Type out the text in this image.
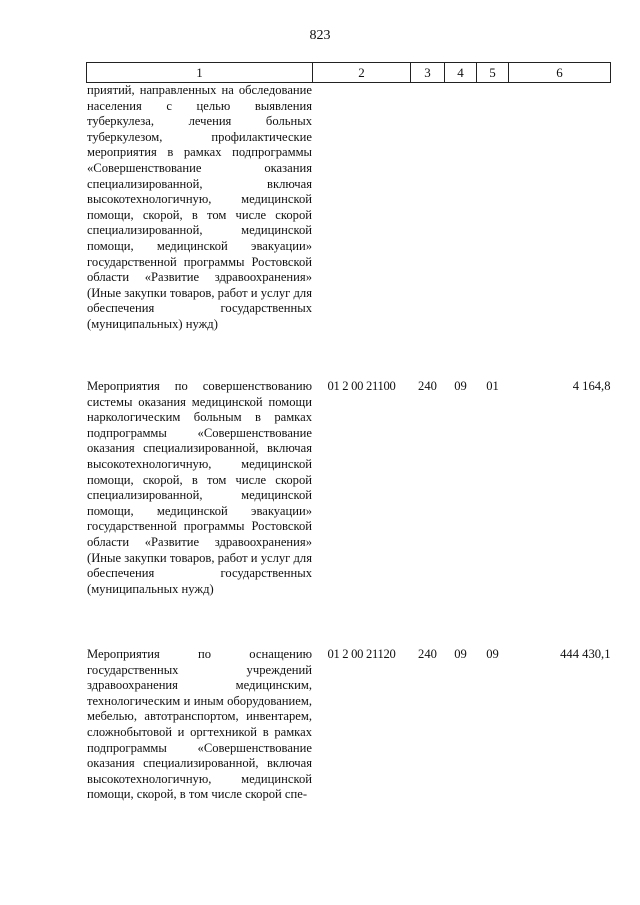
823
1	2	3	4	5	6
приятий, направленных на обследование населения с целью выявления туберкулеза, лечения больных туберкулезом, профилактические мероприятия в рамках подпрограммы «Совершенствование оказания специализированной, включая высокотехнологичную, медицинской помощи, скорой, в том числе скорой специализированной, медицинской помощи, медицинской эвакуации» государственной программы Ростовской области «Развитие здравоохранения» (Иные закупки товаров, работ и услуг для обеспечения государственных (муниципальных) нужд)					
Мероприятия по совершенствованию системы оказания медицинской помощи наркологическим больным в рамках подпрограммы «Совершенствование оказания специализированной, включая высокотехнологичную, медицинской помощи, скорой, в том числе скорой специализированной, медицинской помощи, медицинской эвакуации» государственной программы Ростовской области «Развитие здравоохранения» (Иные закупки товаров, работ и услуг для обеспечения государственных (муниципальных нужд)	01 2 00 21100	240	09	01	4 164,8
Мероприятия по оснащению государственных учреждений здравоохранения медицинским, технологическим и иным оборудованием, мебелью, автотранспортом, инвентарем, сложнобытовой и оргтехникой в рамках подпрограммы «Совершенствование оказания специализированной, включая высокотехнологичную, медицинской помощи, скорой, в том числе скорой спе-	01 2 00 21120	240	09	09	444 430,1
